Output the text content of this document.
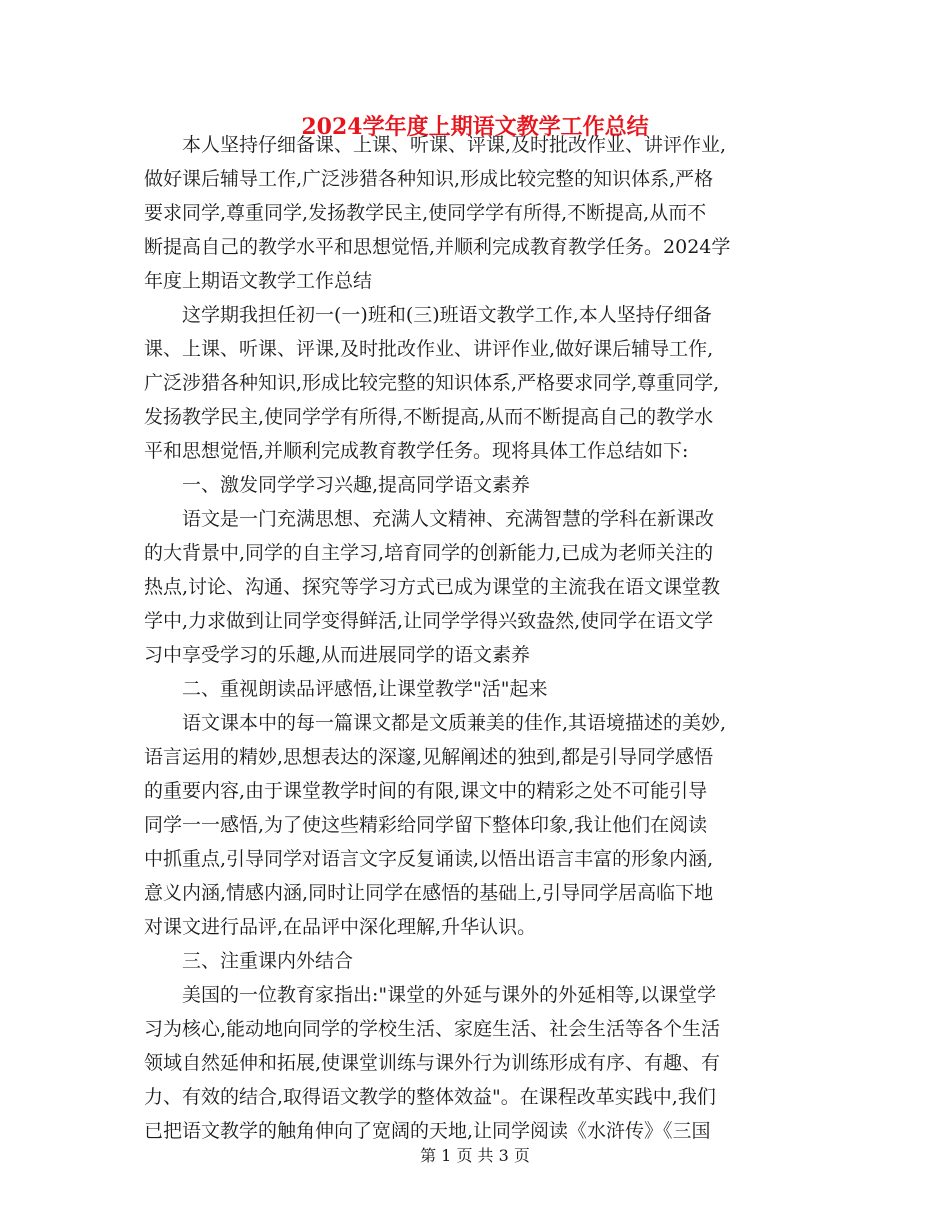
2024学年度上期语文教学工作总结
　　本人坚持仔细备课、上课、听课、评课,及时批改作业、讲评作业,
做好课后辅导工作,广泛涉猎各种知识,形成比较完整的知识体系,严格
要求同学,尊重同学,发扬教学民主,使同学学有所得,不断提高,从而不
断提高自己的教学水平和思想觉悟,并顺利完成教育教学任务。2024学
年度上期语文教学工作总结
　　这学期我担任初一(一)班和(三)班语文教学工作,本人坚持仔细备
课、上课、听课、评课,及时批改作业、讲评作业,做好课后辅导工作,
广泛涉猎各种知识,形成比较完整的知识体系,严格要求同学,尊重同学,
发扬教学民主,使同学学有所得,不断提高,从而不断提高自己的教学水
平和思想觉悟,并顺利完成教育教学任务。现将具体工作总结如下:
　　一、激发同学学习兴趣,提高同学语文素养
　　语文是一门充满思想、充满人文精神、充满智慧的学科在新课改
的大背景中,同学的自主学习,培育同学的创新能力,已成为老师关注的
热点,讨论、沟通、探究等学习方式已成为课堂的主流我在语文课堂教
学中,力求做到让同学变得鲜活,让同学学得兴致盎然,使同学在语文学
习中享受学习的乐趣,从而进展同学的语文素养
　　二、重视朗读品评感悟,让课堂教学"活"起来
　　语文课本中的每一篇课文都是文质兼美的佳作,其语境描述的美妙,
语言运用的精妙,思想表达的深邃,见解阐述的独到,都是引导同学感悟
的重要内容,由于课堂教学时间的有限,课文中的精彩之处不可能引导
同学一一感悟,为了使这些精彩给同学留下整体印象,我让他们在阅读
中抓重点,引导同学对语言文字反复诵读,以悟出语言丰富的形象内涵,
意义内涵,情感内涵,同时让同学在感悟的基础上,引导同学居高临下地
对课文进行品评,在品评中深化理解,升华认识。
　　三、注重课内外结合
　　美国的一位教育家指出:"课堂的外延与课外的外延相等,以课堂学
习为核心,能动地向同学的学校生活、家庭生活、社会生活等各个生活
领域自然延伸和拓展,使课堂训练与课外行为训练形成有序、有趣、有
力、有效的结合,取得语文教学的整体效益"。在课程改革实践中,我们
已把语文教学的触角伸向了宽阔的天地,让同学阅读《水浒传》《三国
第 1 页 共 3 页
